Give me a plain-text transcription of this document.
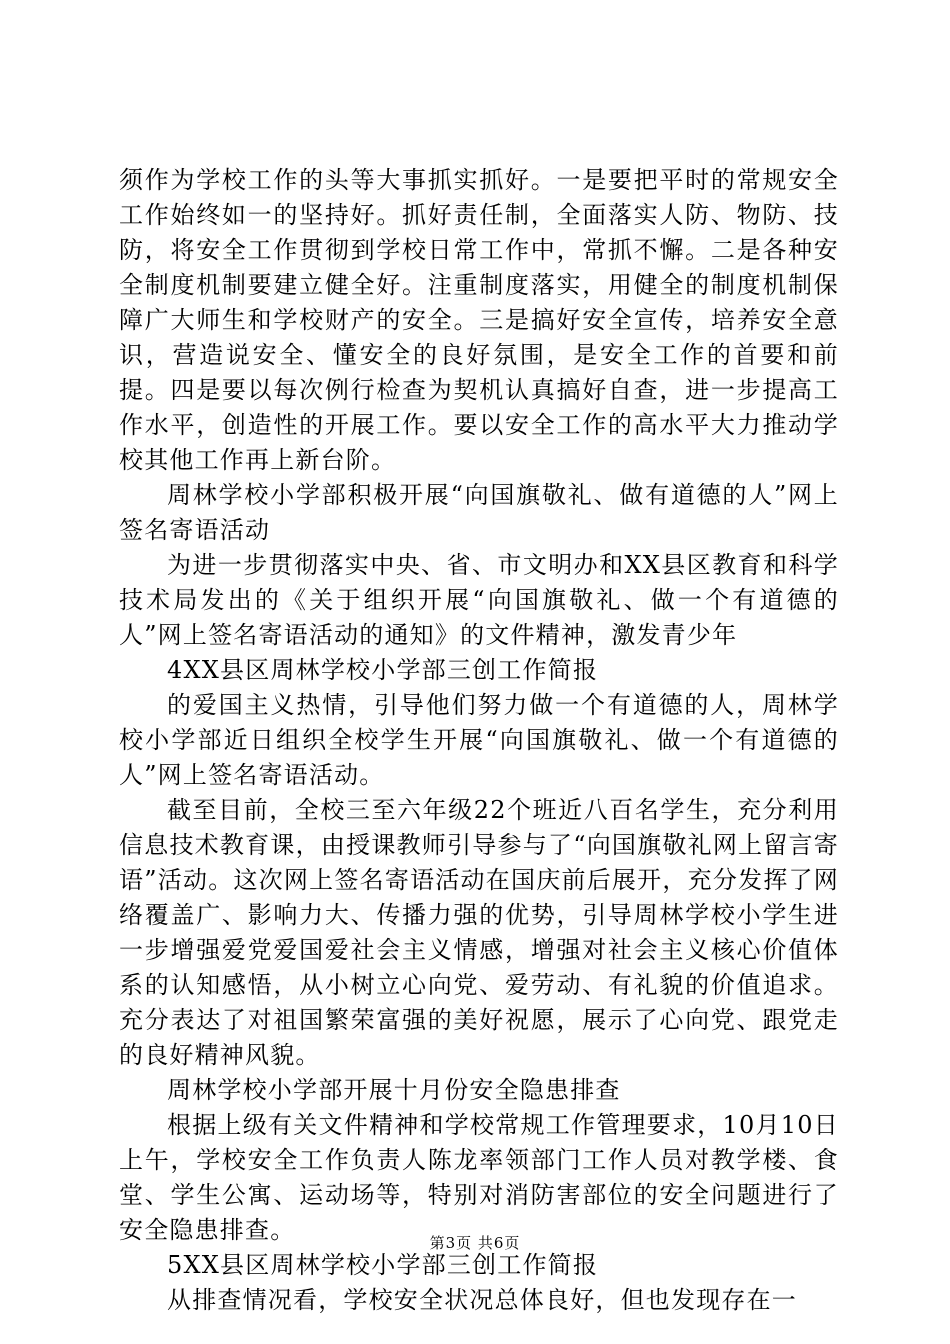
须作为学校工作的头等大事抓实抓好。一是要把平时的常规安全工作始终如一的坚持好。抓好责任制，全面落实人防、物防、技防，将安全工作贯彻到学校日常工作中，常抓不懈。二是各种安全制度机制要建立健全好。注重制度落实，用健全的制度机制保障广大师生和学校财产的安全。三是搞好安全宣传，培养安全意识，营造说安全、懂安全的良好氛围，是安全工作的首要和前提。四是要以每次例行检查为契机认真搞好自查，进一步提高工作水平，创造性的开展工作。要以安全工作的高水平大力推动学校其他工作再上新台阶。

周林学校小学部积极开展“向国旗敬礼、做有道德的人”网上签名寄语活动

为进一步贯彻落实中央、省、市文明办和XX县区教育和科学技术局发出的《关于组织开展“向国旗敬礼、做一个有道德的人”网上签名寄语活动的通知》的文件精神，激发青少年

4XX县区周林学校小学部三创工作简报

的爱国主义热情，引导他们努力做一个有道德的人，周林学校小学部近日组织全校学生开展“向国旗敬礼、做一个有道德的人”网上签名寄语活动。

截至目前，全校三至六年级22个班近八百名学生，充分利用信息技术教育课，由授课教师引导参与了“向国旗敬礼网上留言寄语”活动。这次网上签名寄语活动在国庆前后展开，充分发挥了网络覆盖广、影响力大、传播力强的优势，引导周林学校小学生进一步增强爱党爱国爱社会主义情感，增强对社会主义核心价值体系的认知感悟，从小树立心向党、爱劳动、有礼貌的价值追求。充分表达了对祖国繁荣富强的美好祝愿，展示了心向党、跟党走的良好精神风貌。

周林学校小学部开展十月份安全隐患排查

根据上级有关文件精神和学校常规工作管理要求，10月10日上午，学校安全工作负责人陈龙率领部门工作人员对教学楼、食堂、学生公寓、运动场等，特别对消防害部位的安全问题进行了安全隐患排查。

5XX县区周林学校小学部三创工作简报

从排查情况看，学校安全状况总体良好，但也发现存在一

第3页 共6页
